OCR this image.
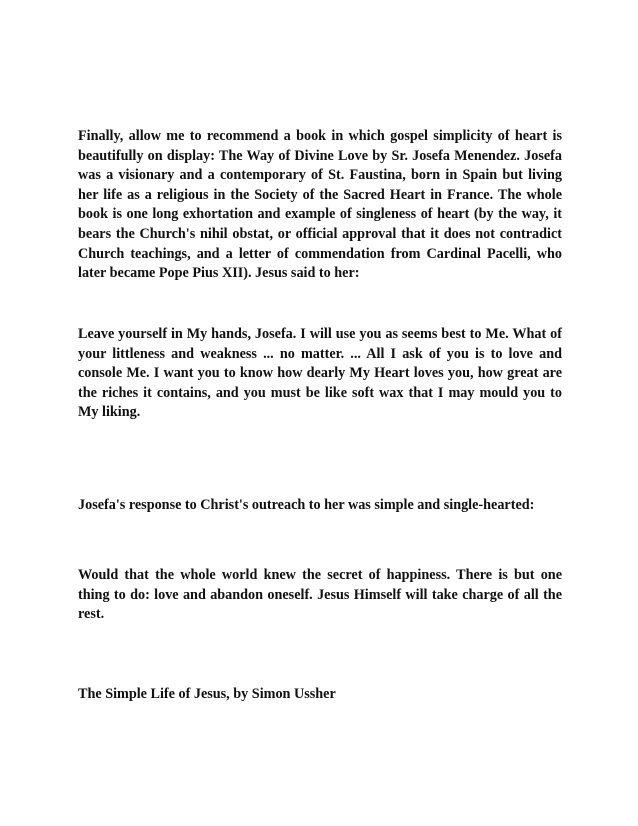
Finally, allow me to recommend a book in which gospel simplicity of heart is beautifully on display: The Way of Divine Love by Sr. Josefa Menendez. Josefa was a visionary and a contemporary of St. Faustina, born in Spain but living her life as a religious in the Society of the Sacred Heart in France. The whole book is one long exhortation and example of singleness of heart (by the way, it bears the Church's nihil obstat, or official approval that it does not contradict Church teachings, and a letter of commendation from Cardinal Pacelli, who later became Pope Pius XII). Jesus said to her:

Leave yourself in My hands, Josefa. I will use you as seems best to Me. What of your littleness and weakness ... no matter. ... All I ask of you is to love and console Me. I want you to know how dearly My Heart loves you, how great are the riches it contains, and you must be like soft wax that I may mould you to My liking.

Josefa's response to Christ's outreach to her was simple and single-hearted:

Would that the whole world knew the secret of happiness. There is but one thing to do: love and abandon oneself. Jesus Himself will take charge of all the rest.

The Simple Life of Jesus, by Simon Ussher
